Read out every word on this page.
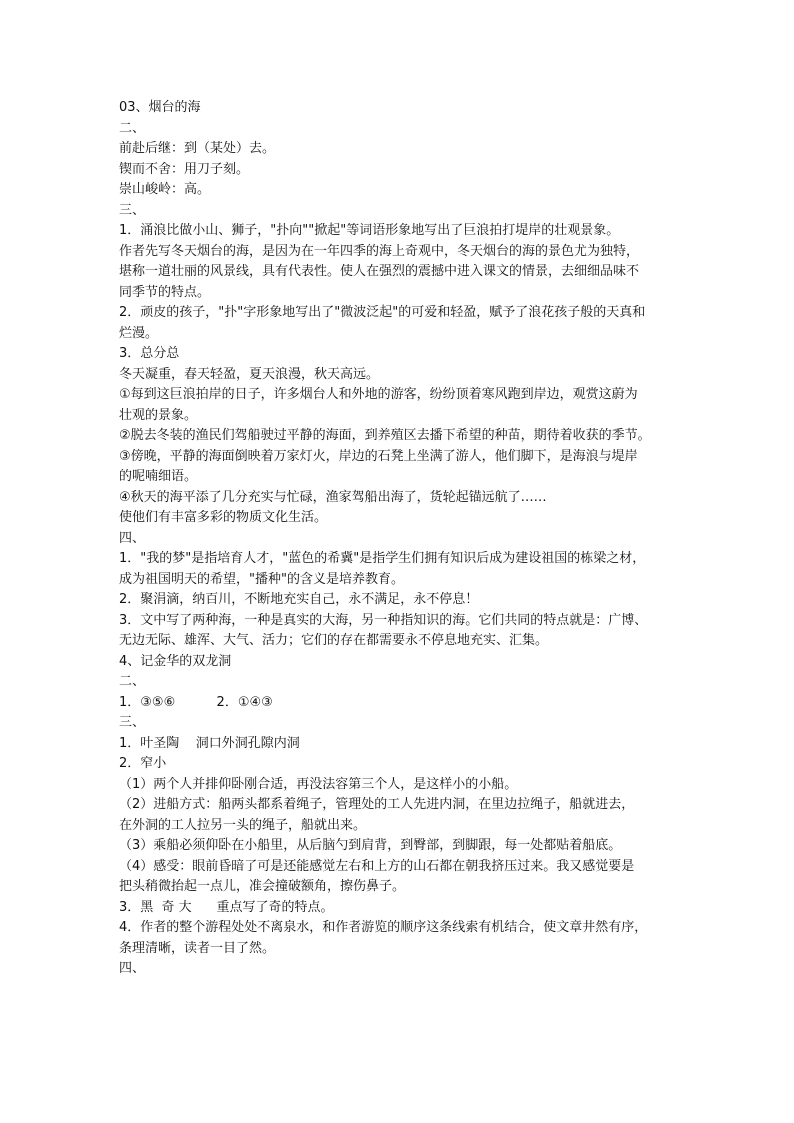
03、烟台的海
二、
前赴后继：到（某处）去。
锲而不舍：用刀子刻。
崇山峻岭：高。
三、
1．涌浪比做小山、狮子，"扑向""掀起"等词语形象地写出了巨浪拍打堤岸的壮观景象。
作者先写冬天烟台的海，是因为在一年四季的海上奇观中，冬天烟台的海的景色尤为独特，
堪称一道壮丽的风景线，具有代表性。使人在强烈的震撼中进入课文的情景，去细细品味不
同季节的特点。
2．顽皮的孩子，"扑"字形象地写出了"微波泛起"的可爱和轻盈，赋予了浪花孩子般的天真和
烂漫。
3．总分总
冬天凝重，春天轻盈，夏天浪漫，秋天高远。
①每到这巨浪拍岸的日子，许多烟台人和外地的游客，纷纷顶着寒风跑到岸边，观赏这蔚为
壮观的景象。
②脱去冬装的渔民们驾船驶过平静的海面，到养殖区去播下希望的种苗，期待着收获的季节。
③傍晚，平静的海面倒映着万家灯火，岸边的石凳上坐满了游人，他们脚下，是海浪与堤岸
的呢喃细语。
④秋天的海平添了几分充实与忙碌，渔家驾船出海了，货轮起锚远航了……
使他们有丰富多彩的物质文化生活。
四、
1．"我的梦"是指培育人才，"蓝色的希冀"是指学生们拥有知识后成为建设祖国的栋梁之材，
成为祖国明天的希望，"播种"的含义是培养教育。
2．聚涓滴，纳百川，不断地充实自己，永不满足，永不停息！
3．文中写了两种海，一种是真实的大海，另一种指知识的海。它们共同的特点就是：广博、
无边无际、雄浑、大气、活力；它们的存在都需要永不停息地充实、汇集。
4、记金华的双龙洞
二、
1．③⑤⑥          2．①④③
三、
1．叶圣陶    洞口外洞孔隙内洞
2．窄小
（1）两个人并排仰卧刚合适，再没法容第三个人，是这样小的小船。
（2）进船方式：船两头都系着绳子，管理处的工人先进内洞，在里边拉绳子，船就进去，
在外洞的工人拉另一头的绳子，船就出来。
（3）乘船必须仰卧在小船里，从后脑勺到肩背，到臀部，到脚跟，每一处都贴着船底。
（4）感受：眼前昏暗了可是还能感觉左右和上方的山石都在朝我挤压过来。我又感觉要是
把头稍微抬起一点儿，准会撞破额角，擦伤鼻子。
3．黑  奇 大      重点写了奇的特点。
4．作者的整个游程处处不离泉水，和作者游览的顺序这条线索有机结合，使文章井然有序，
条理清晰，读者一目了然。
四、
